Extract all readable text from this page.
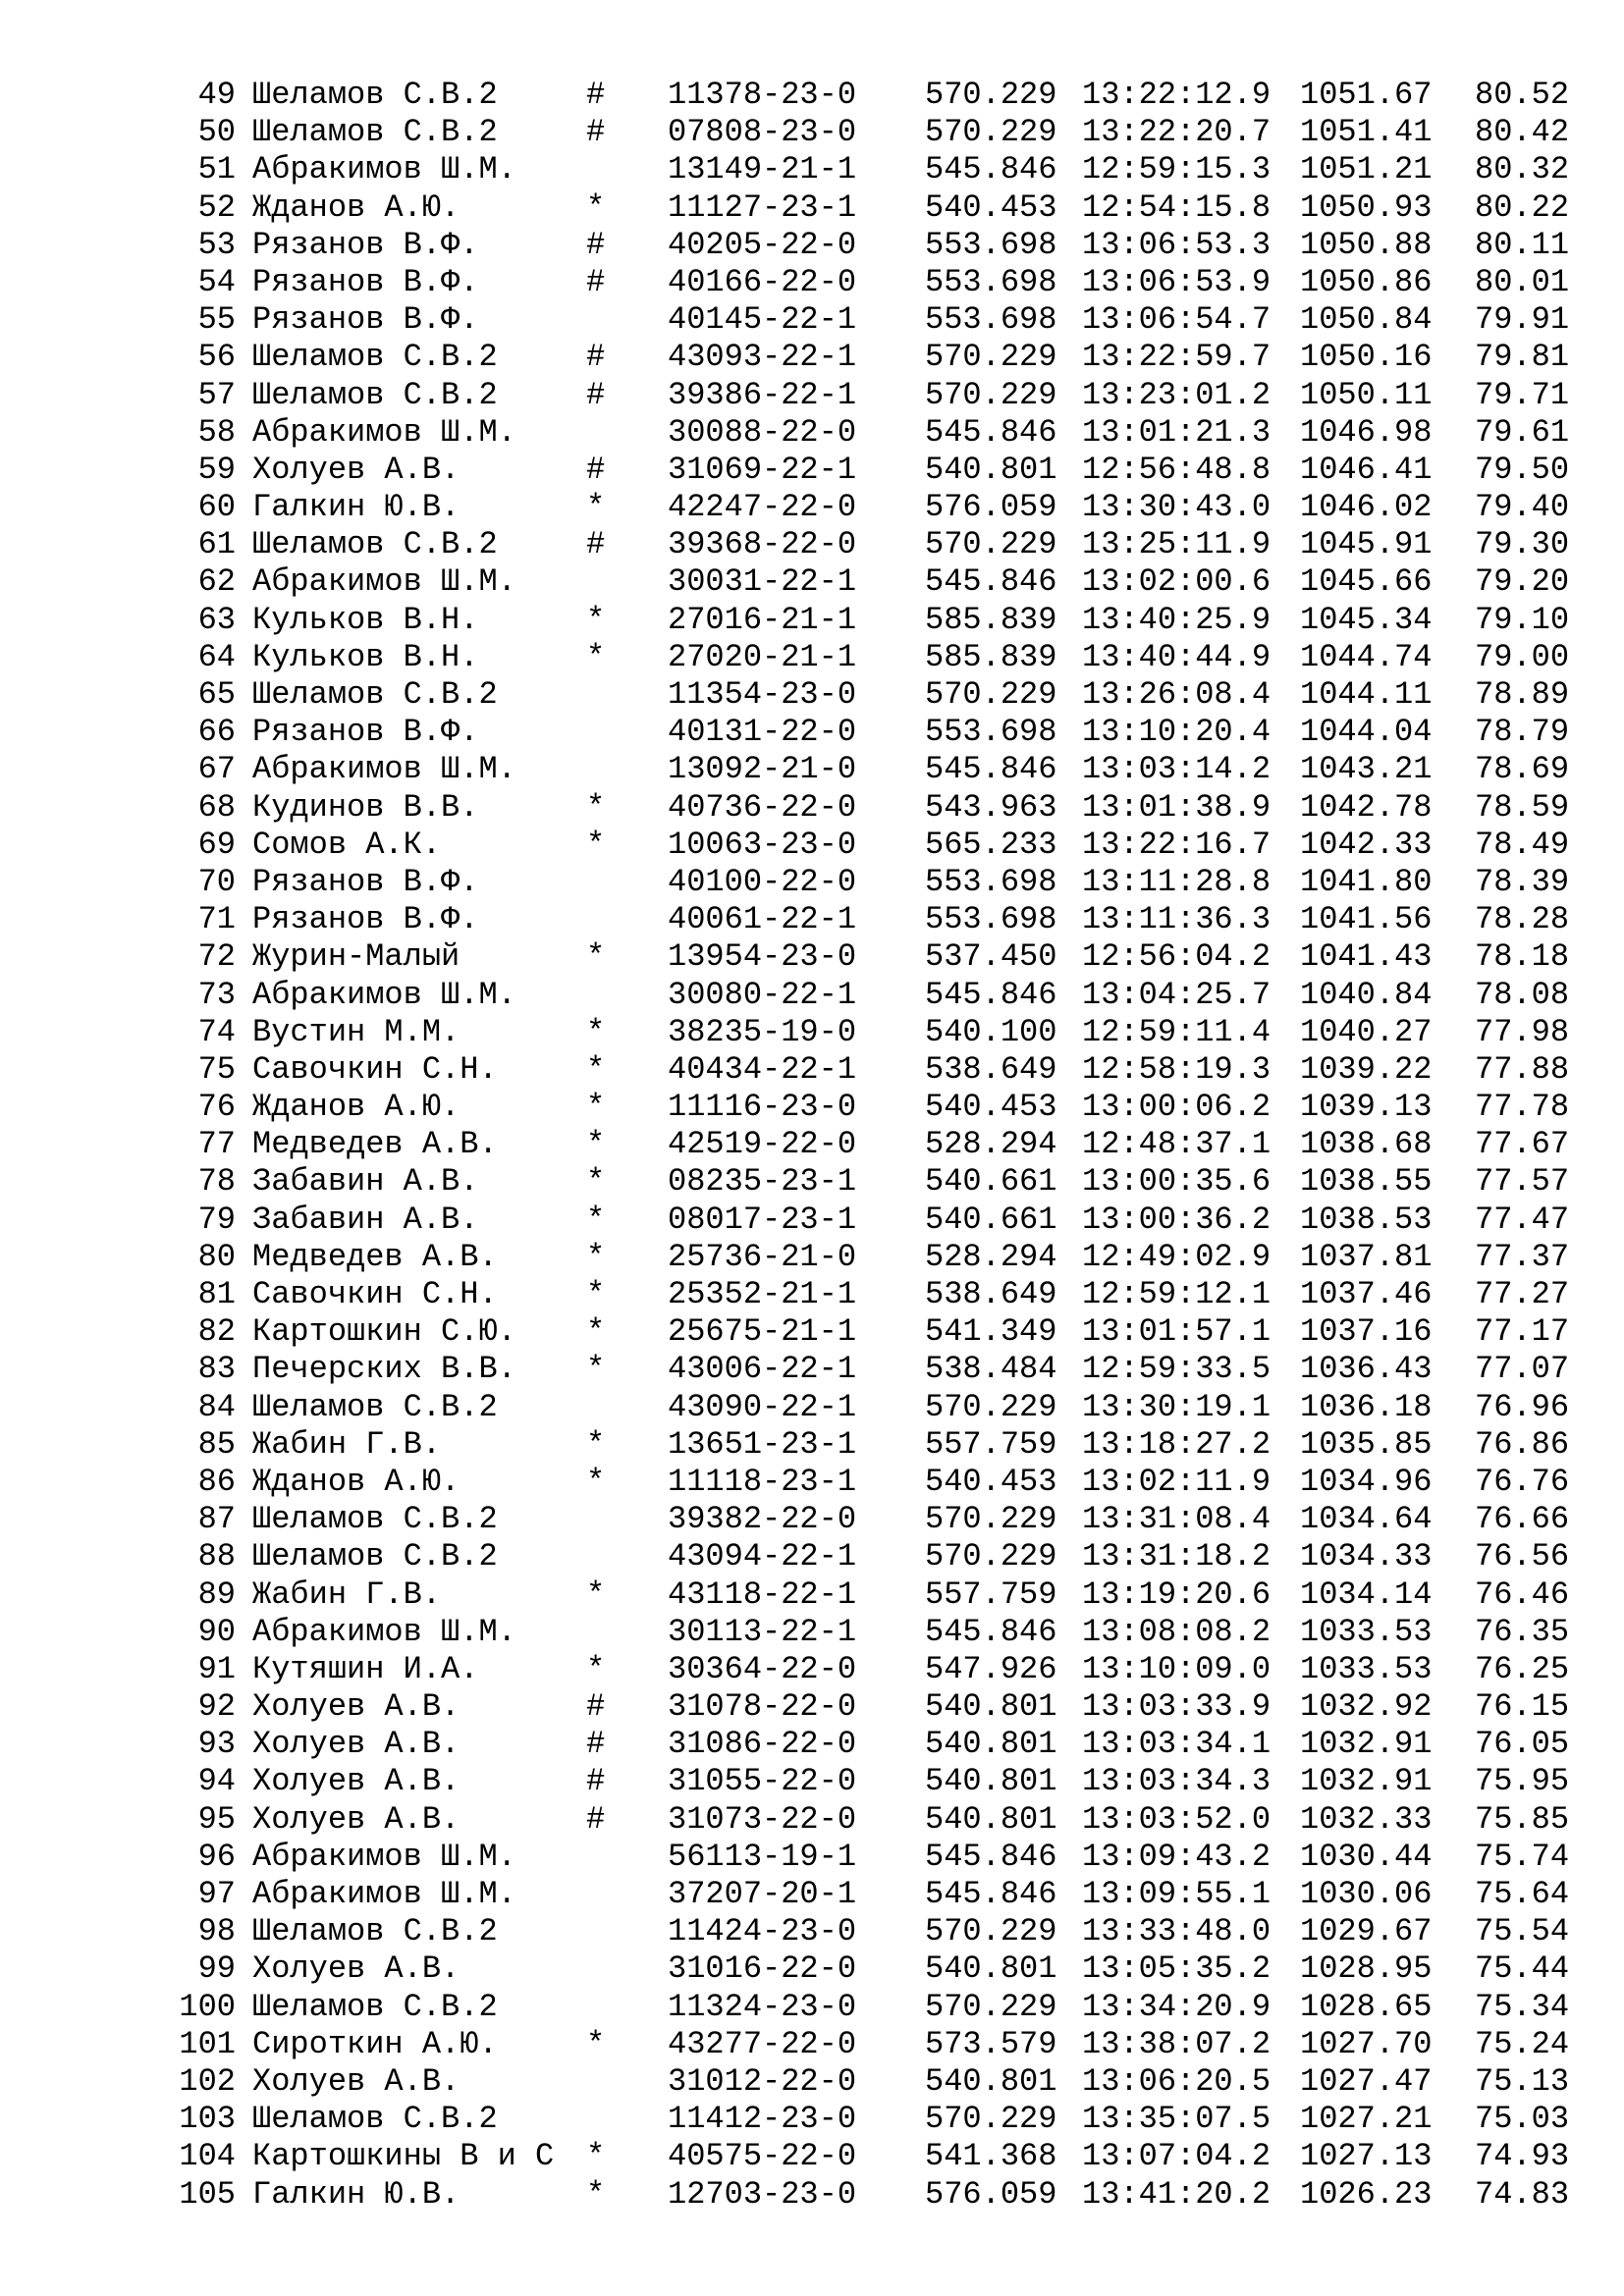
49 Шеламов С.В.2	# 11378-23-0 570.229 13:22:12.9 1051.67 80.52
50 Шеламов С.В.2	# 07808-23-0 570.229 13:22:20.7 1051.41 80.42
51 Абракимов Ш.М.	13149-21-1 545.846 12:59:15.3 1051.21 80.32
52 Жданов А.Ю.	* 11127-23-1 540.453 12:54:15.8 1050.93 80.22
53 Рязанов В.Ф.	# 40205-22-0 553.698 13:06:53.3 1050.88 80.11
54 Рязанов В.Ф.	# 40166-22-0 553.698 13:06:53.9 1050.86 80.01
55 Рязанов В.Ф.	40145-22-1 553.698 13:06:54.7 1050.84 79.91
56 Шеламов С.В.2	# 43093-22-1 570.229 13:22:59.7 1050.16 79.81
57 Шеламов С.В.2	# 39386-22-1 570.229 13:23:01.2 1050.11 79.71
58 Абракимов Ш.М.	30088-22-0 545.846 13:01:21.3 1046.98 79.61
59 Холуев А.В.	# 31069-22-1 540.801 12:56:48.8 1046.41 79.50
60 Галкин Ю.В.	* 42247-22-0 576.059 13:30:43.0 1046.02 79.40
61 Шеламов С.В.2	# 39368-22-0 570.229 13:25:11.9 1045.91 79.30
62 Абракимов Ш.М.	30031-22-1 545.846 13:02:00.6 1045.66 79.20
63 Кульков В.Н.	* 27016-21-1 585.839 13:40:25.9 1045.34 79.10
64 Кульков В.Н.	* 27020-21-1 585.839 13:40:44.9 1044.74 79.00
65 Шеламов С.В.2	11354-23-0 570.229 13:26:08.4 1044.11 78.89
66 Рязанов В.Ф.	40131-22-0 553.698 13:10:20.4 1044.04 78.79
67 Абракимов Ш.М.	13092-21-0 545.846 13:03:14.2 1043.21 78.69
68 Кудинов В.В.	* 40736-22-0 543.963 13:01:38.9 1042.78 78.59
69 Сомов А.К.	* 10063-23-0 565.233 13:22:16.7 1042.33 78.49
70 Рязанов В.Ф.	40100-22-0 553.698 13:11:28.8 1041.80 78.39
71 Рязанов В.Ф.	40061-22-1 553.698 13:11:36.3 1041.56 78.28
72 Журин-Малый	* 13954-23-0 537.450 12:56:04.2 1041.43 78.18
73 Абракимов Ш.М.	30080-22-1 545.846 13:04:25.7 1040.84 78.08
74 Вустин М.М.	* 38235-19-0 540.100 12:59:11.4 1040.27 77.98
75 Савочкин С.Н.	* 40434-22-1 538.649 12:58:19.3 1039.22 77.88
76 Жданов А.Ю.	* 11116-23-0 540.453 13:00:06.2 1039.13 77.78
77 Медведев А.В.	* 42519-22-0 528.294 12:48:37.1 1038.68 77.67
78 Забавин А.В.	* 08235-23-1 540.661 13:00:35.6 1038.55 77.57
79 Забавин А.В.	* 08017-23-1 540.661 13:00:36.2 1038.53 77.47
80 Медведев А.В.	* 25736-21-0 528.294 12:49:02.9 1037.81 77.37
81 Савочкин С.Н.	* 25352-21-1 538.649 12:59:12.1 1037.46 77.27
82 Картошкин С.Ю. * 25675-21-1 541.349 13:01:57.1 1037.16 77.17
83 Печерских В.В. * 43006-22-1 538.484 12:59:33.5 1036.43 77.07
84 Шеламов С.В.2	43090-22-1 570.229 13:30:19.1 1036.18 76.96
85 Жабин Г.В.	* 13651-23-1 557.759 13:18:27.2 1035.85 76.86
86 Жданов А.Ю.	* 11118-23-1 540.453 13:02:11.9 1034.96 76.76
87 Шеламов С.В.2	39382-22-0 570.229 13:31:08.4 1034.64 76.66
88 Шеламов С.В.2	43094-22-1 570.229 13:31:18.2 1034.33 76.56
89 Жабин Г.В.	* 43118-22-1 557.759 13:19:20.6 1034.14 76.46
90 Абракимов Ш.М.	30113-22-1 545.846 13:08:08.2 1033.53 76.35
91 Кутяшин И.А.	* 30364-22-0 547.926 13:10:09.0 1033.53 76.25
92 Холуев А.В.	# 31078-22-0 540.801 13:03:33.9 1032.92 76.15
93 Холуев А.В.	# 31086-22-0 540.801 13:03:34.1 1032.91 76.05
94 Холуев А.В.	# 31055-22-0 540.801 13:03:34.3 1032.91 75.95
95 Холуев А.В.	# 31073-22-0 540.801 13:03:52.0 1032.33 75.85
96 Абракимов Ш.М.	56113-19-1 545.846 13:09:43.2 1030.44 75.74
97 Абракимов Ш.М.	37207-20-1 545.846 13:09:55.1 1030.06 75.64
98 Шеламов С.В.2	11424-23-0 570.229 13:33:48.0 1029.67 75.54
99 Холуев А.В.	31016-22-0 540.801 13:05:35.2 1028.95 75.44
100 Шеламов С.В.2	11324-23-0 570.229 13:34:20.9 1028.65 75.34
101 Сироткин А.Ю.	* 43277-22-0 573.579 13:38:07.2 1027.70 75.24
102 Холуев А.В.	31012-22-0 540.801 13:06:20.5 1027.47 75.13
103 Шеламов С.В.2	11412-23-0 570.229 13:35:07.5 1027.21 75.03
104 Картошкины В и С * 40575-22-0 541.368 13:07:04.2 1027.13 74.93
105 Галкин Ю.В.	* 12703-23-0 576.059 13:41:20.2 1026.23 74.83
